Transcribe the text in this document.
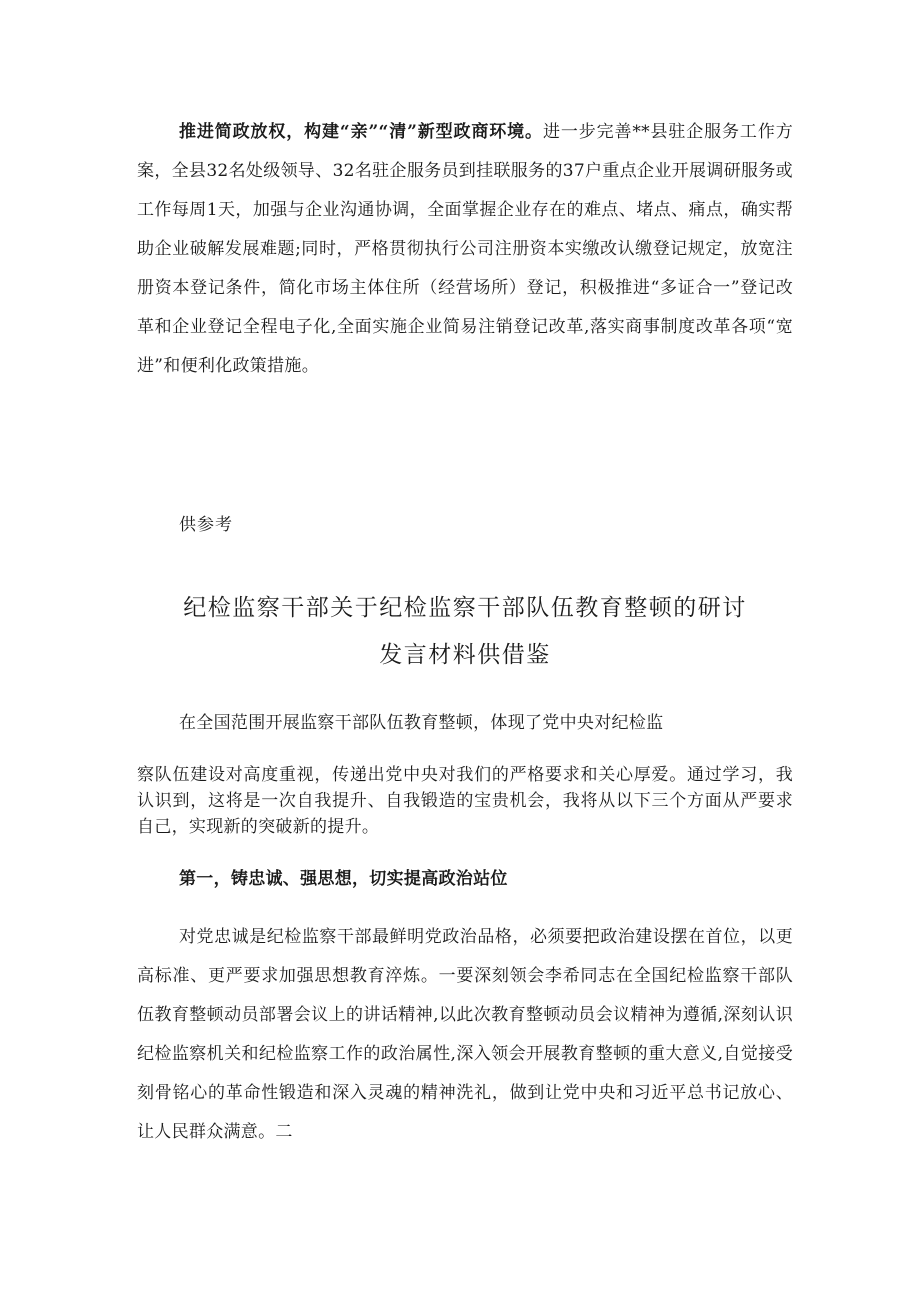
推进简政放权，构建“亲”“清”新型政商环境。进一步完善**县驻企服务工作方案，全县32名处级领导、32名驻企服务员到挂联服务的37户重点企业开展调研服务或工作每周1天，加强与企业沟通协调，全面掌握企业存在的难点、堵点、痛点，确实帮助企业破解发展难题;同时，严格贯彻执行公司注册资本实缴改认缴登记规定，放宽注册资本登记条件，简化市场主体住所（经营场所）登记，积极推进“多证合一”登记改革和企业登记全程电子化,全面实施企业简易注销登记改革,落实商事制度改革各项“宽进”和便利化政策措施。

供参考

纪检监察干部关于纪检监察干部队伍教育整顿的研讨
发言材料供借鉴

在全国范围开展监察干部队伍教育整顿，体现了党中央对纪检监

察队伍建设对高度重视，传递出党中央对我们的严格要求和关心厚爱。通过学习，我认识到，这将是一次自我提升、自我锻造的宝贵机会，我将从以下三个方面从严要求自己，实现新的突破新的提升。

第一，铸忠诚、强思想，切实提高政治站位

对党忠诚是纪检监察干部最鲜明党政治品格，必须要把政治建设摆在首位，以更高标准、更严要求加强思想教育淬炼。一要深刻领会李希同志在全国纪检监察干部队伍教育整顿动员部署会议上的讲话精神,以此次教育整顿动员会议精神为遵循,深刻认识纪检监察机关和纪检监察工作的政治属性,深入领会开展教育整顿的重大意义,自觉接受刻骨铭心的革命性锻造和深入灵魂的精神洗礼，做到让党中央和习近平总书记放心、让人民群众满意。二
